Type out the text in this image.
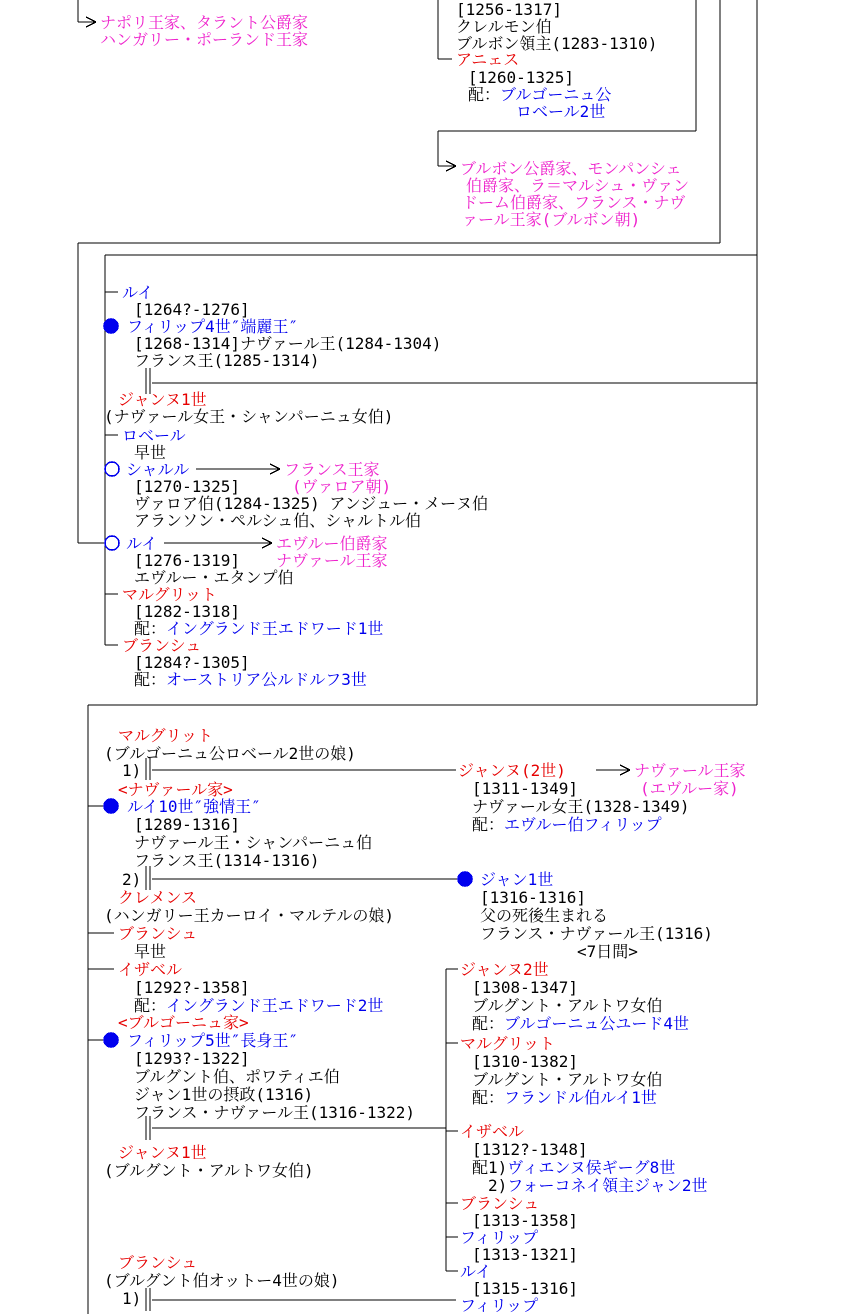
ナポリ王家、タラント公爵家
ハンガリー・ポーランド王家
[1256-1317]
クレルモン伯
ブルボン領主(1283-1310)
アニェス
[1260-1325]
配：ブルゴーニュ公
ロベール2世
ブルボン公爵家、モンパンシェ
伯爵家、ラ＝マルシュ・ヴァン
ドーム伯爵家、フランス・ナヴ
ァール王家(ブルボン朝)
ルイ
[1264?-1276]
フィリップ4世″端麗王″
[1268-1314]ナヴァール王(1284-1304)
フランス王(1285-1314)
ジャンヌ1世
(ナヴァール女王・シャンパーニュ女伯)
ロベール
早世
シャルル	フランス王家
[1270-1325]	(ヴァロア朝)
ヴァロア伯(1284-1325) アンジュー・メーヌ伯
アランソン・ペルシュ伯、シャルトル伯
ルイ	エヴルー伯爵家
[1276-1319] ナヴァール王家
エヴルー・エタンプ伯
マルグリット
[1282-1318]
配：イングランド王エドワード1世
ブランシュ
[1284?-1305]
配：オーストリア公ルドルフ3世
マルグリット
(ブルゴーニュ公ロベール2世の娘)
1)	ジャンヌ(2世)	ナヴァール王家
[1311-1349]	(エヴルー家)
ナヴァール女王(1328-1349)
配：エヴルー伯フィリップ
<ナヴァール家>
ルイ10世″強情王″
[1289-1316]
ナヴァール王・シャンパーニュ伯
フランス王(1314-1316)
2)	ジャン1世
[1316-1316]
父の死後生まれる
フランス・ナヴァール王(1316)
<7日間>
クレメンス
(ハンガリー王カーロイ・マルテルの娘)
ブランシュ
早世
イザベル
[1292?-1358]
配：イングランド王エドワード2世
<ブルゴーニュ家>
フィリップ5世″長身王″
[1293?-1322]
ブルグント伯、ポワティエ伯
ジャン1世の摂政(1316)
フランス・ナヴァール王(1316-1322)
ジャンヌ1世
(ブルグント・アルトワ女伯)
ジャンヌ2世
[1308-1347]
ブルグント・アルトワ女伯
配：ブルゴーニュ公ユード4世
マルグリット
[1310-1382]
ブルグント・アルトワ女伯
配：フランドル伯ルイ1世
イザベル
[1312?-1348]
配1)ヴィエンヌ侯ギーグ8世
2)フォーコネイ領主ジャン2世
ブランシュ
[1313-1358]
フィリップ
[1313-1321]
ルイ
[1315-1316]
フィリップ
ブランシュ
(ブルグント伯オットー4世の娘)
1)
